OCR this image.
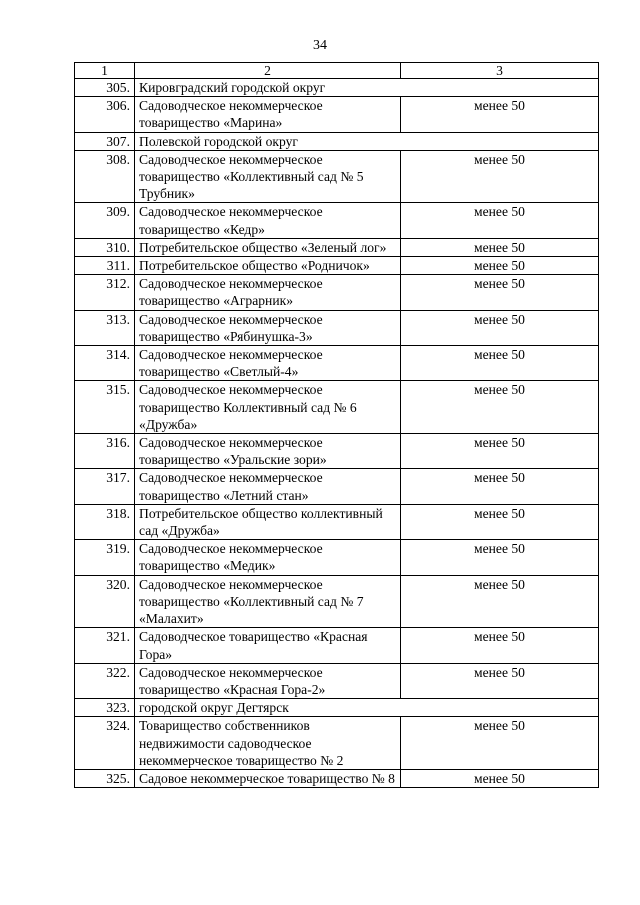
34
1	2	3
305.	Кировградский городской округ	
306.	Садоводческое некоммерческое товарищество «Марина»	менее 50
307.	Полевской городской округ	
308.	Садоводческое некоммерческое товарищество «Коллективный сад № 5 Трубник»	менее 50
309.	Садоводческое некоммерческое товарищество «Кедр»	менее 50
310.	Потребительское общество «Зеленый лог»	менее 50
311.	Потребительское общество «Родничок»	менее 50
312.	Садоводческое некоммерческое товарищество «Аграрник»	менее 50
313.	Садоводческое некоммерческое товарищество «Рябинушка-3»	менее 50
314.	Садоводческое некоммерческое товарищество «Светлый-4»	менее 50
315.	Садоводческое некоммерческое товарищество Коллективный сад № 6 «Дружба»	менее 50
316.	Садоводческое некоммерческое товарищество «Уральские зори»	менее 50
317.	Садоводческое некоммерческое товарищество «Летний стан»	менее 50
318.	Потребительское общество коллективный сад «Дружба»	менее 50
319.	Садоводческое некоммерческое товарищество «Медик»	менее 50
320.	Садоводческое некоммерческое товарищество «Коллективный сад № 7 «Малахит»	менее 50
321.	Садоводческое товарищество «Красная Гора»	менее 50
322.	Садоводческое некоммерческое товарищество «Красная Гора-2»	менее 50
323.	городской округ Дегтярск	
324.	Товарищество собственников недвижимости садоводческое некоммерческое товарищество № 2	менее 50
325.	Садовое некоммерческое товарищество № 8	менее 50
